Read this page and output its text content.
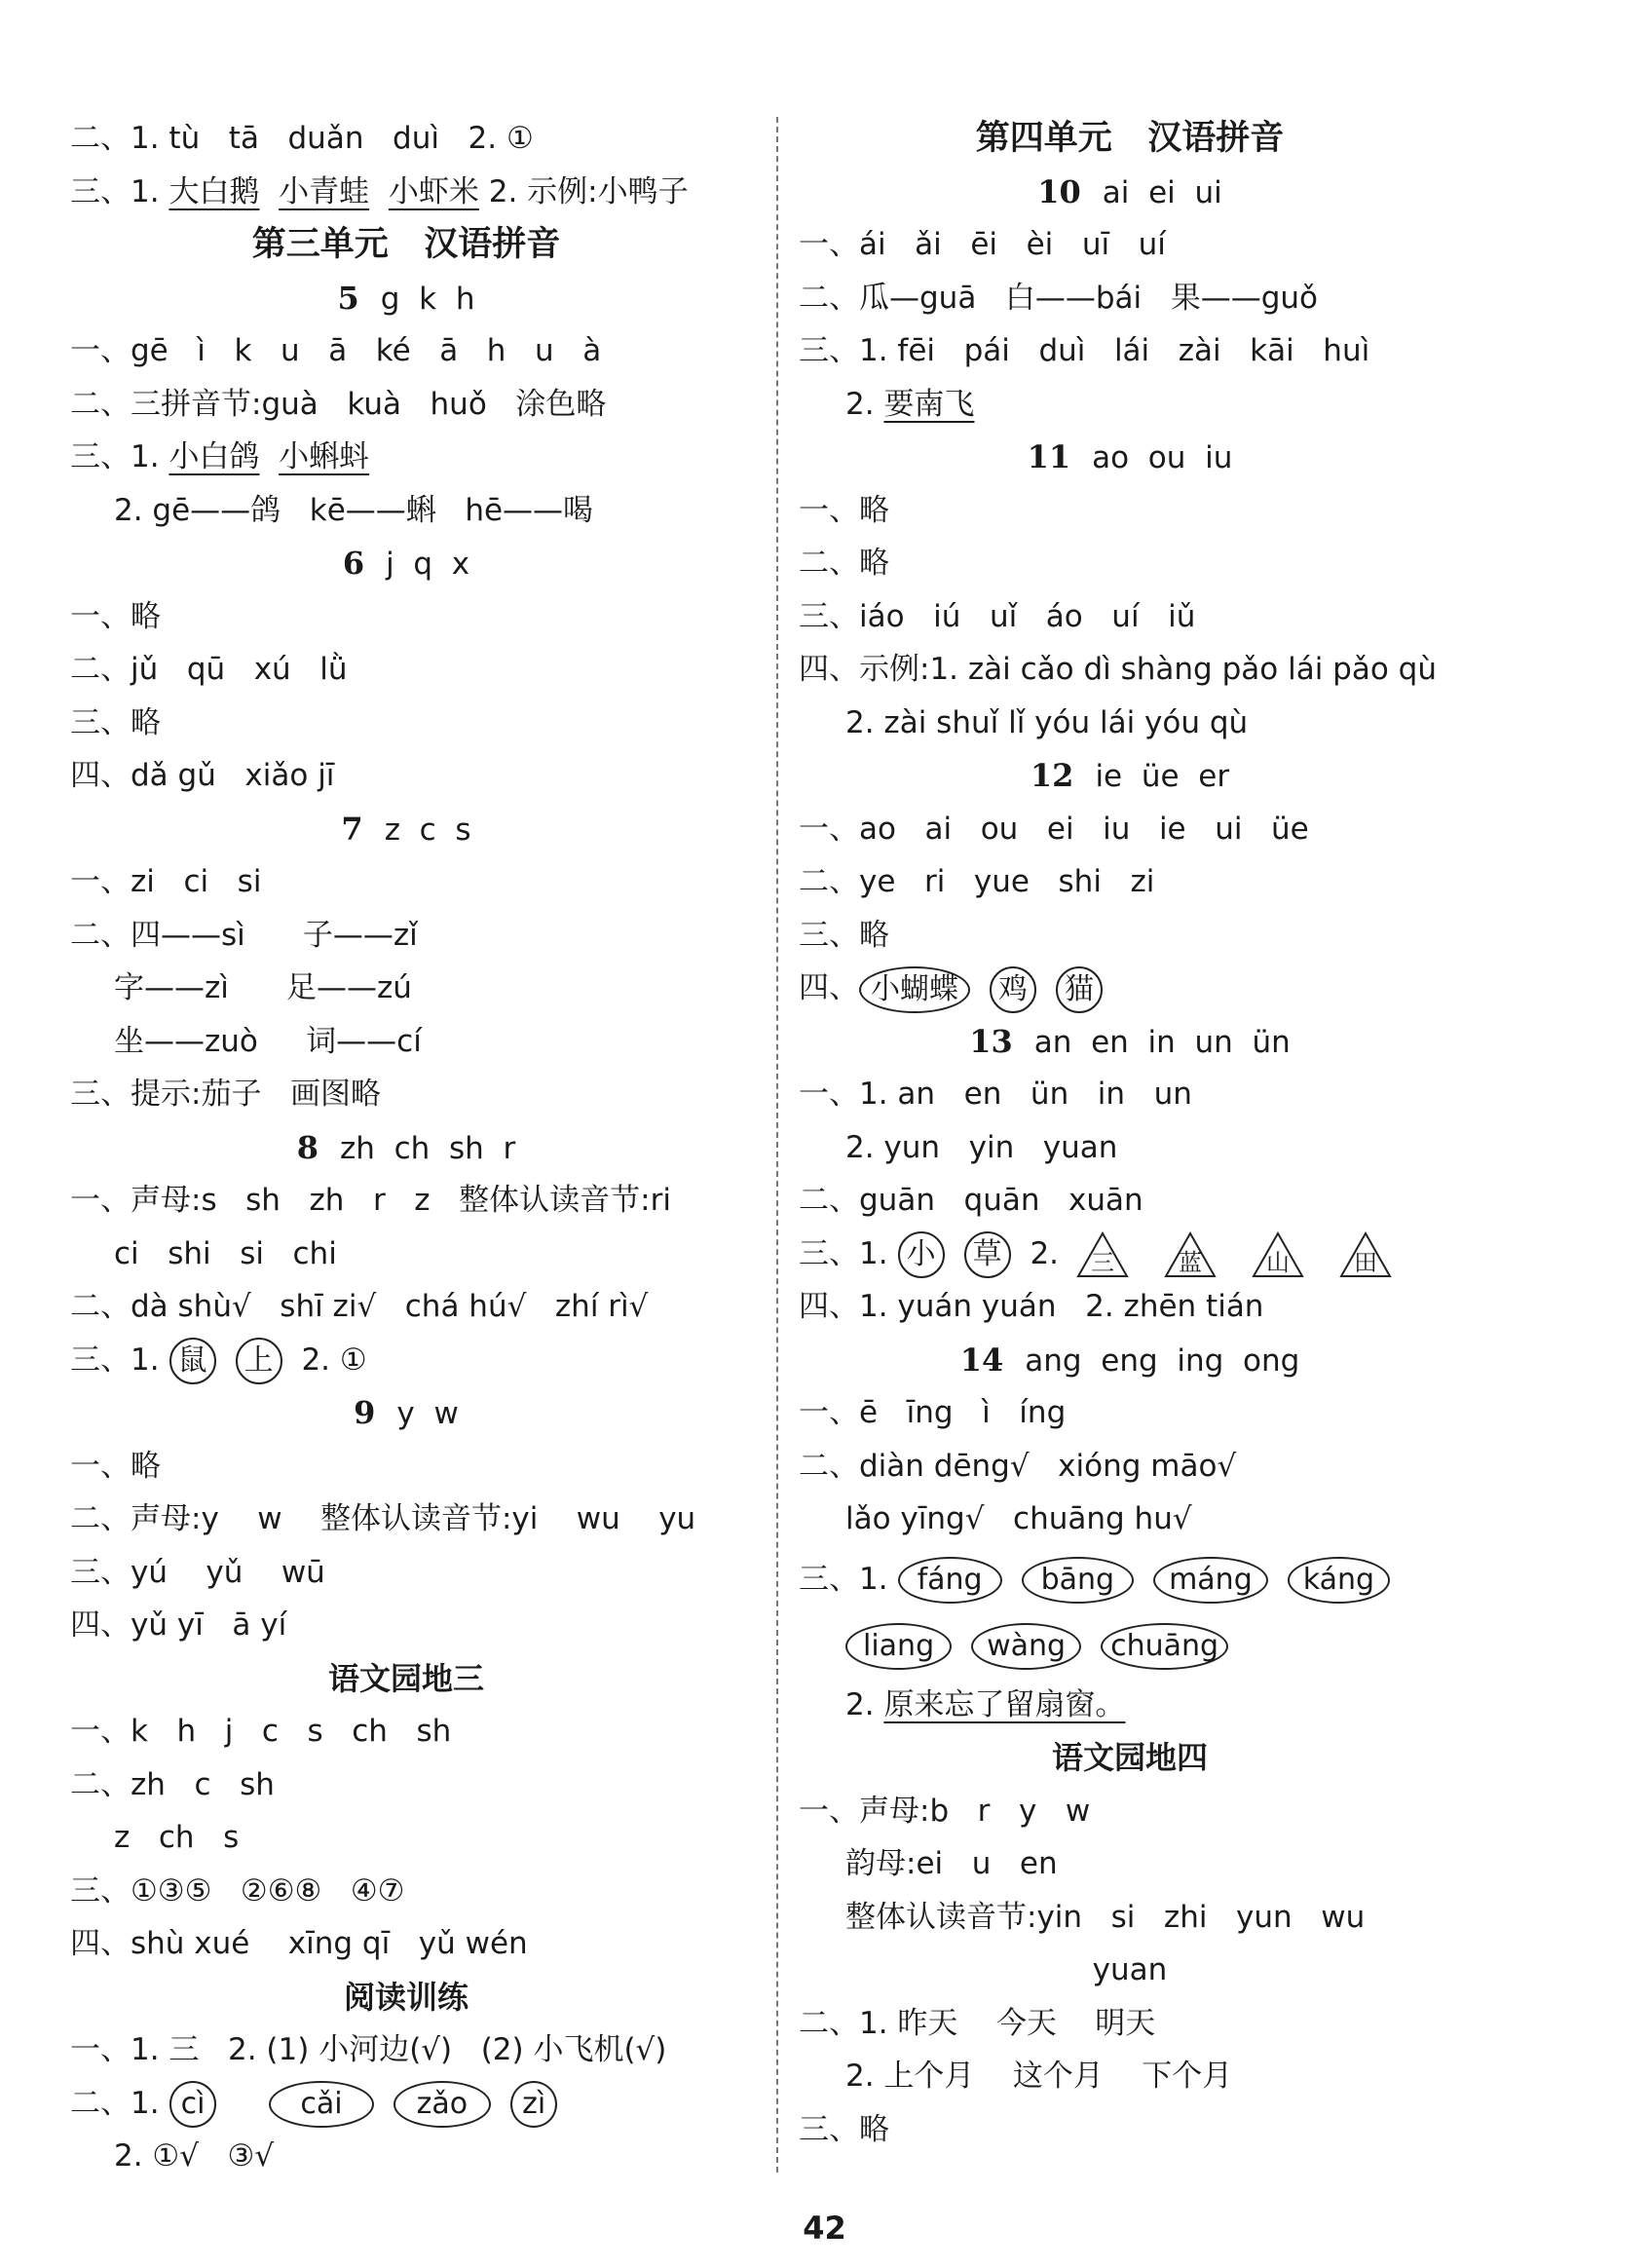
二、1. tù   tā   duǎn   duì   2. ①
三、1. 大白鹅 小青蛙 小虾米 2. 示例:小鸭子
第三单元   汉语拼音
5 g  k  h
一、gē   ì   k   u   ā   ké   ā   h   u   à
二、三拼音节:guà   kuà   huǒ   涂色略
三、1. 小白鸽 小蝌蚪
2. gē——鸽   kē——蝌   hē——喝
6 j  q  x
一、略
二、jǔ   qū   xú   lǜ
三、略
四、dǎ gǔ   xiǎo jī
7 z  c  s
一、zi   ci   si
二、四——sì      子——zǐ
字——zì      足——zú
坐——zuò     词——cí
三、提示:茄子   画图略
8 zh  ch  sh  r
一、声母:s   sh   zh   r   z   整体认读音节:ri
ci   shi   si   chi
二、dà shù√   shī zi√   chá hú√   zhí rì√
三、1. 鼠 上 2. ①
9 y  w
一、略
二、声母:y    w    整体认读音节:yi    wu    yu
三、yú    yǔ    wū
四、yǔ yī   ā yí
语文园地三
一、k   h   j   c   s   ch   sh
二、zh   c   sh
z   ch   s
三、①③⑤   ②⑥⑧   ④⑦
四、shù xué    xīng qī   yǔ wén
阅读训练
一、1. 三   2. (1) 小河边(√)   (2) 小飞机(√)
二、1. cì	cǎi	zǎo zì
2. ①√   ③√
第四单元   汉语拼音
10 ai  ei  ui
一、ái   ǎi   ēi   èi   uī   uí
二、瓜—guā   白——bái   果——guǒ
三、1. fēi   pái   duì   lái   zài   kāi   huì
2. 要南飞
11 ao  ou  iu
一、略
二、略
三、iáo   iú   uǐ   áo   uí   iǔ
四、示例:1. zài cǎo dì shàng pǎo lái pǎo qù
2. zài shuǐ lǐ yóu lái yóu qù
12 ie  üe  er
一、ao   ai   ou   ei   iu   ie   ui   üe
二、ye   ri   yue   shi   zi
三、略
四、 小蝴蝶 鸡 猫
13 an  en  in  un  ün
一、1. an   en   ün   in   un
2. yun   yin   yuan
二、guān   quān   xuān
三、1. 小 草 2. 三	蓝	山	田
四、1. yuán yuán   2. zhēn tián
14 ang  eng  ing  ong
一、ē   īng   ì   íng
二、diàn dēng√   xióng māo√
lǎo yīng√   chuāng hu√
三、1. fáng bāng máng káng
liang wàng chuāng
2. 原来忘了留扇窗。
语文园地四
一、声母:b   r   y   w
韵母:ei   u   en
整体认读音节:yin   si   zhi   yun   wu
yuan
二、1. 昨天    今天    明天
2. 上个月    这个月    下个月
三、略
42
